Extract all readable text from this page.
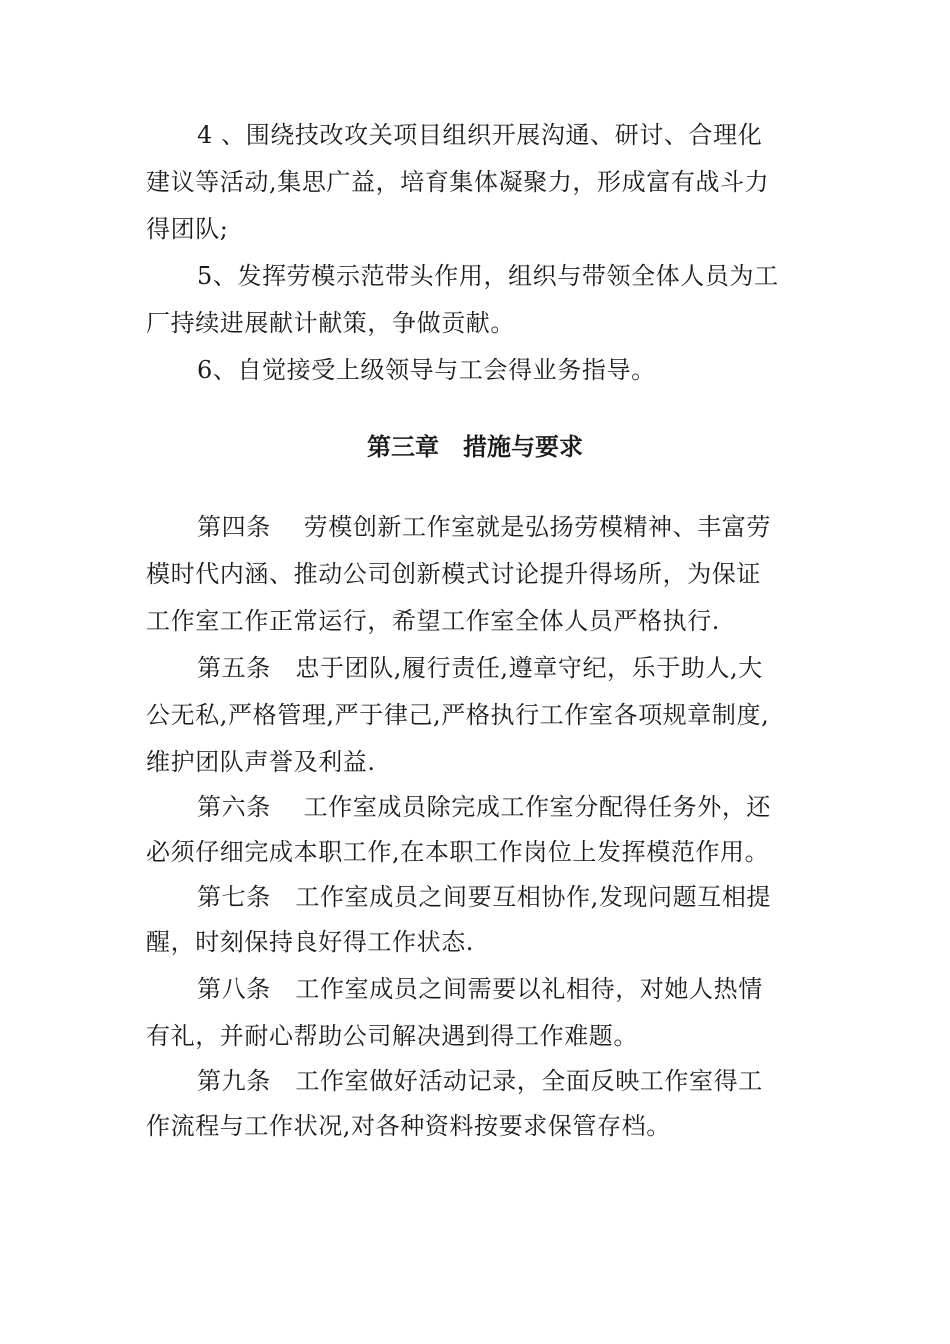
4 、围绕技改攻关项目组织开展沟通、研讨、合理化
建议等活动,集思广益，培育集体凝聚力，形成富有战斗力
得团队;
5、发挥劳模示范带头作用，组织与带领全体人员为工
厂持续进展献计献策，争做贡献。
6、自觉接受上级领导与工会得业务指导。
第三章　措施与要求
第四条　 劳模创新工作室就是弘扬劳模精神、丰富劳
模时代内涵、推动公司创新模式讨论提升得场所，为保证
工作室工作正常运行，希望工作室全体人员严格执行.
第五条　忠于团队,履行责任,遵章守纪，乐于助人,大
公无私,严格管理,严于律己,严格执行工作室各项规章制度,
维护团队声誉及利益.
第六条　 工作室成员除完成工作室分配得任务外，还
必须仔细完成本职工作,在本职工作岗位上发挥模范作用。
第七条　工作室成员之间要互相协作,发现问题互相提
醒，时刻保持良好得工作状态.
第八条　工作室成员之间需要以礼相待，对她人热情
有礼，并耐心帮助公司解决遇到得工作难题。
第九条　工作室做好活动记录，全面反映工作室得工
作流程与工作状况,对各种资料按要求保管存档。
